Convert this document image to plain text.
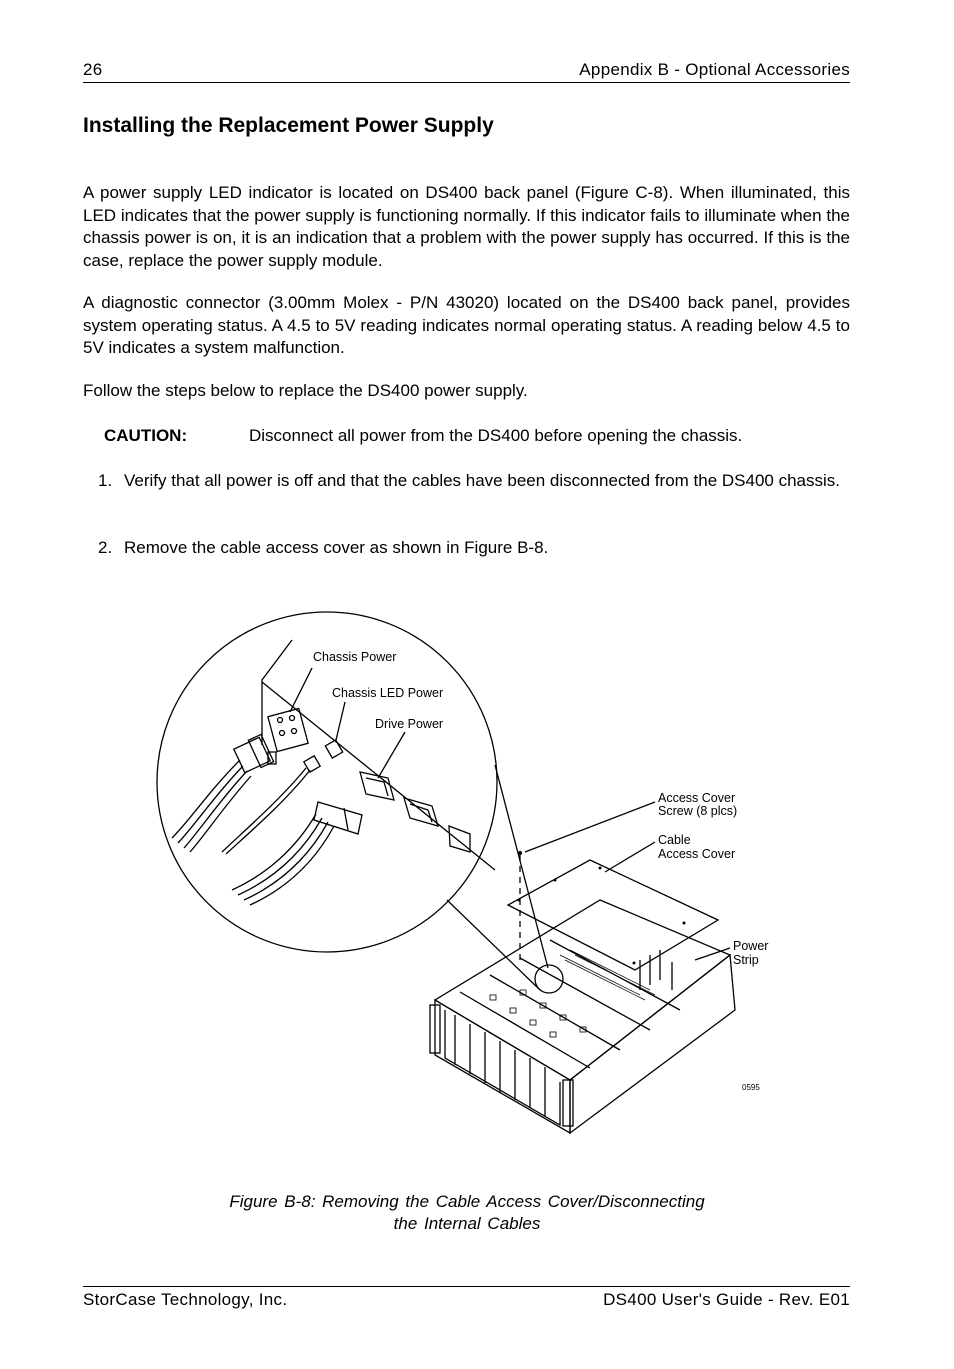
26	Appendix B - Optional Accessories
Installing the Replacement Power Supply
A power supply LED indicator is located on DS400 back panel (Figure C-8). When illuminated, this LED indicates that the power supply is functioning normally. If this indicator fails to illuminate when the chassis power is on, it is an indication that a problem with the power supply has occurred. If this is the case, replace the power supply module.
A diagnostic connector (3.00mm Molex - P/N 43020) located on the DS400 back panel, provides system operating status. A 4.5 to 5V reading indicates normal operating status. A reading below 4.5 to 5V indicates a system malfunction.
Follow the steps below to replace the DS400 power supply.
CAUTION:	Disconnect all power from the DS400 before opening the chassis.
1. Verify that all power is off and that the cables have been disconnected from the DS400 chassis.
2. Remove the cable access cover as shown in Figure B-8.
Chassis Power
Chassis LED Power
Drive Power
Access Cover
Screw (8 plcs)
Cable
Access Cover
Power
Strip
0595
Figure B-8: Removing the Cable Access Cover/Disconnecting
the Internal Cables
StorCase Technology, Inc.	DS400 User's Guide - Rev. E01
